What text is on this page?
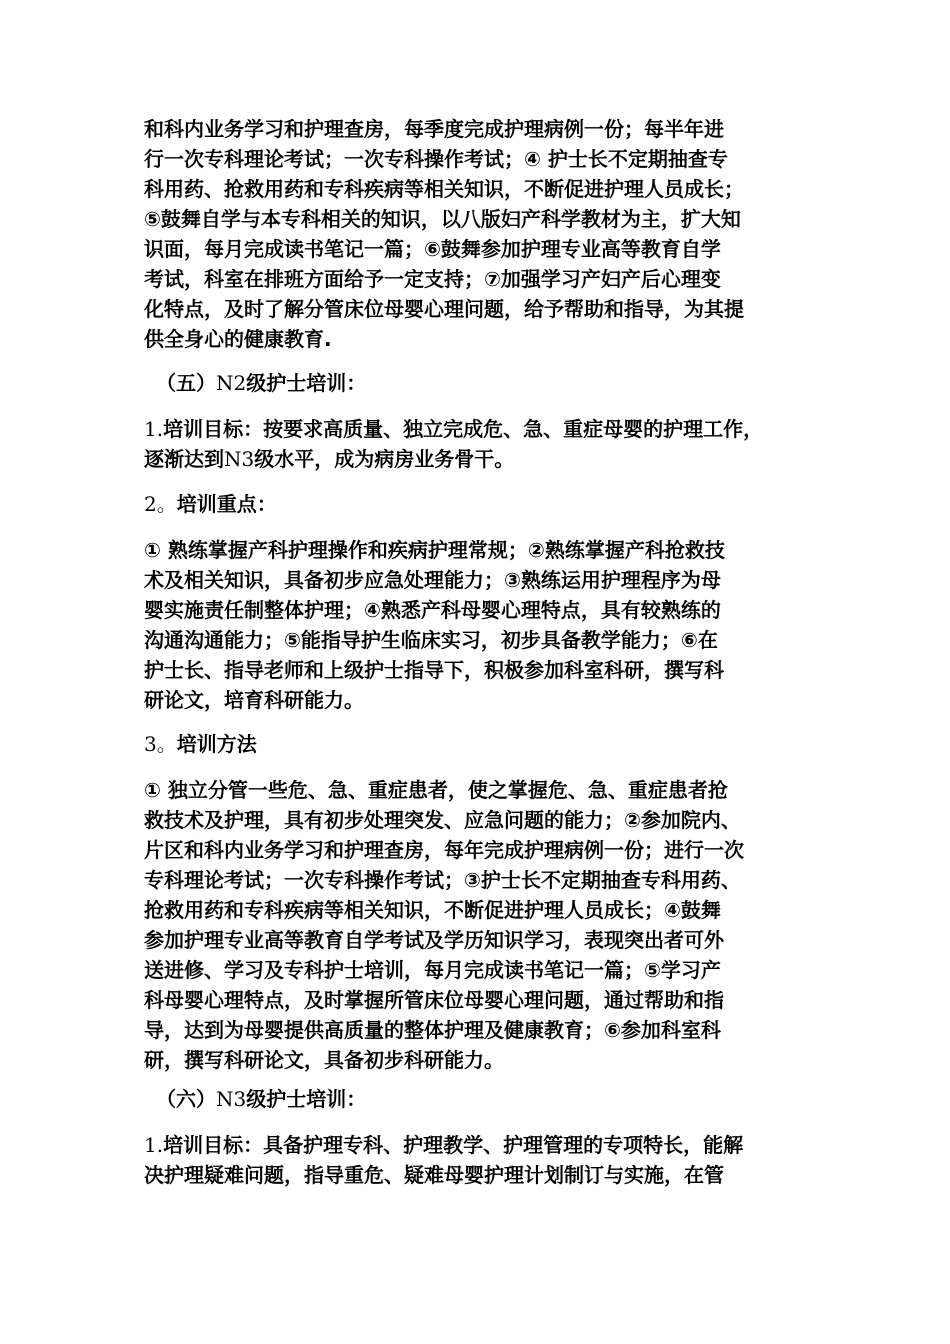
和科内业务学习和护理查房，每季度完成护理病例一份；每半年进
行一次专科理论考试；一次专科操作考试；④ 护士长不定期抽查专
科用药、抢救用药和专科疾病等相关知识，不断促进护理人员成长；
⑤鼓舞自学与本专科相关的知识，以八版妇产科学教材为主，扩大知
识面，每月完成读书笔记一篇；⑥鼓舞参加护理专业高等教育自学
考试，科室在排班方面给予一定支持；⑦加强学习产妇产后心理变
化特点，及时了解分管床位母婴心理问题，给予帮助和指导，为其提
供全身心的健康教育.
（五）N2级护士培训：
1.培训目标：按要求高质量、独立完成危、急、重症母婴的护理工作，
逐渐达到N3级水平，成为病房业务骨干。
2。培训重点：
① 熟练掌握产科护理操作和疾病护理常规；②熟练掌握产科抢救技
术及相关知识，具备初步应急处理能力；③熟练运用护理程序为母
婴实施责任制整体护理；④熟悉产科母婴心理特点，具有较熟练的
沟通沟通能力；⑤能指导护生临床实习，初步具备教学能力；⑥在
护士长、指导老师和上级护士指导下，积极参加科室科研，撰写科
研论文，培育科研能力。
3。培训方法
① 独立分管一些危、急、重症患者，使之掌握危、急、重症患者抢
救技术及护理，具有初步处理突发、应急问题的能力；②参加院内、
片区和科内业务学习和护理查房，每年完成护理病例一份；进行一次
专科理论考试；一次专科操作考试；③护士长不定期抽查专科用药、
抢救用药和专科疾病等相关知识，不断促进护理人员成长；④鼓舞
参加护理专业高等教育自学考试及学历知识学习，表现突出者可外
送进修、学习及专科护士培训，每月完成读书笔记一篇；⑤学习产
科母婴心理特点，及时掌握所管床位母婴心理问题，通过帮助和指
导，达到为母婴提供高质量的整体护理及健康教育；⑥参加科室科
研，撰写科研论文，具备初步科研能力。
（六）N3级护士培训：
1.培训目标：具备护理专科、护理教学、护理管理的专项特长，能解
决护理疑难问题，指导重危、疑难母婴护理计划制订与实施，在管
